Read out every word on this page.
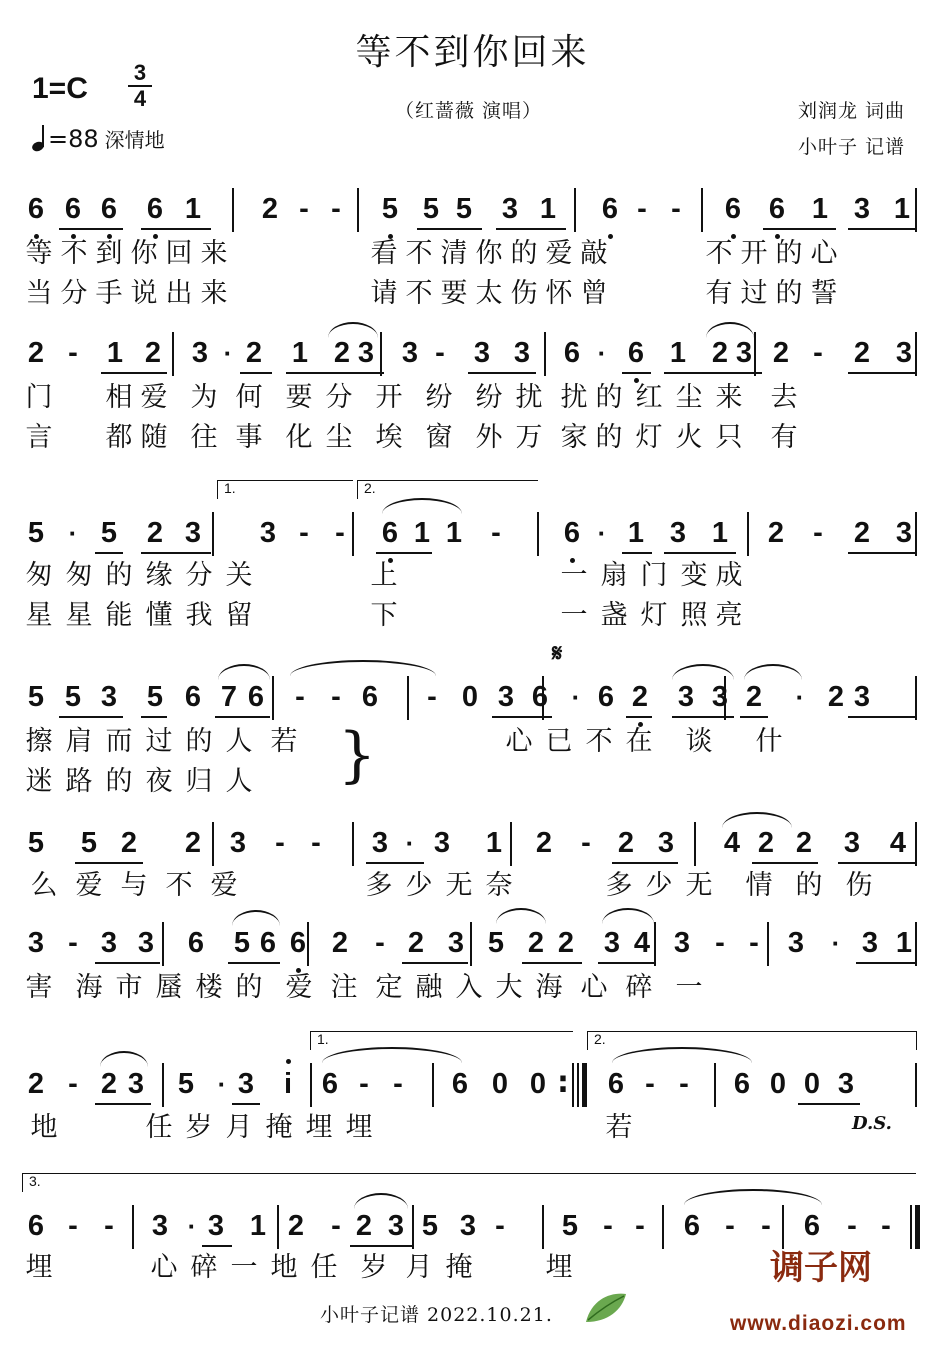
等不到你回来
1=C 3
4
=88 深情地
（红蔷薇 演唱）	刘润龙 词曲
小叶子 记谱
6 6 6 6 1 2 - -	5 5 5 3 1 6 - -	6 6 1 3 1
等 不 到 你 回 来	看 不 清 你 的 爱 敲	不 开 的 心
当 分 手 说 出 来	请 不 要 太 伤 怀 曾	有 过 的 誓
2 -	1 2 3 · 2 1 2 3 3 -	3 3 6 · 6 1 2 3 2 -	2 3
门 相 爱 为 何 要 分 开 纷 纷 扰 扰 的 红 尘 来 去
言 都 随 往 事 化 尘 埃 窗 外 万 家 的 灯 火 只 有
5 · 5 2 3 3 - -	6 1 1	-	6 · 1 3 1 2	-	2 3
1.	2.
匆 匆 的 缘 分 关	上	一 扇 门 变 成
星 星 能 懂 我 留	下	一 盏 灯 照 亮
5 5 3 5 6 7 6	- - 6	- 0 3 6 · 6 2 3 3 2	· 2 3
𝄋
擦 肩 而 过 的 人 若	心 已 不 在 谈 什
迷 路 的 夜 归 人 }
5 5 2 2 3	- -	3 · 3 1 2	- 2 3 4 2 2 3 4
么 爱 与 不 爱	多 少 无 奈	多 少 无 情 的 伤
3 - 3 3 6 5 6 6 2 - 2 3 5 2 2 3 4 3 - -	3	· 3 1
害 海 市 蜃 楼 的 爱 注 定 融 入 大 海 心 碎 一
2 - 2 3 5 · 3	i	6 - -	6 0 0 6 - -	6 0 0 3
1.	2.
:
地	任 岁 月 掩 埋 埋	若	D.S.
6 - -	3 · 3 1 2 - 2 3 5 3 -	5 - -	6 - -	6 - -
3.
埋	心 碎 一 地 任 岁 月 掩	埋
小叶子记谱 2022.10.21.
调子网
www.diaozi.com
